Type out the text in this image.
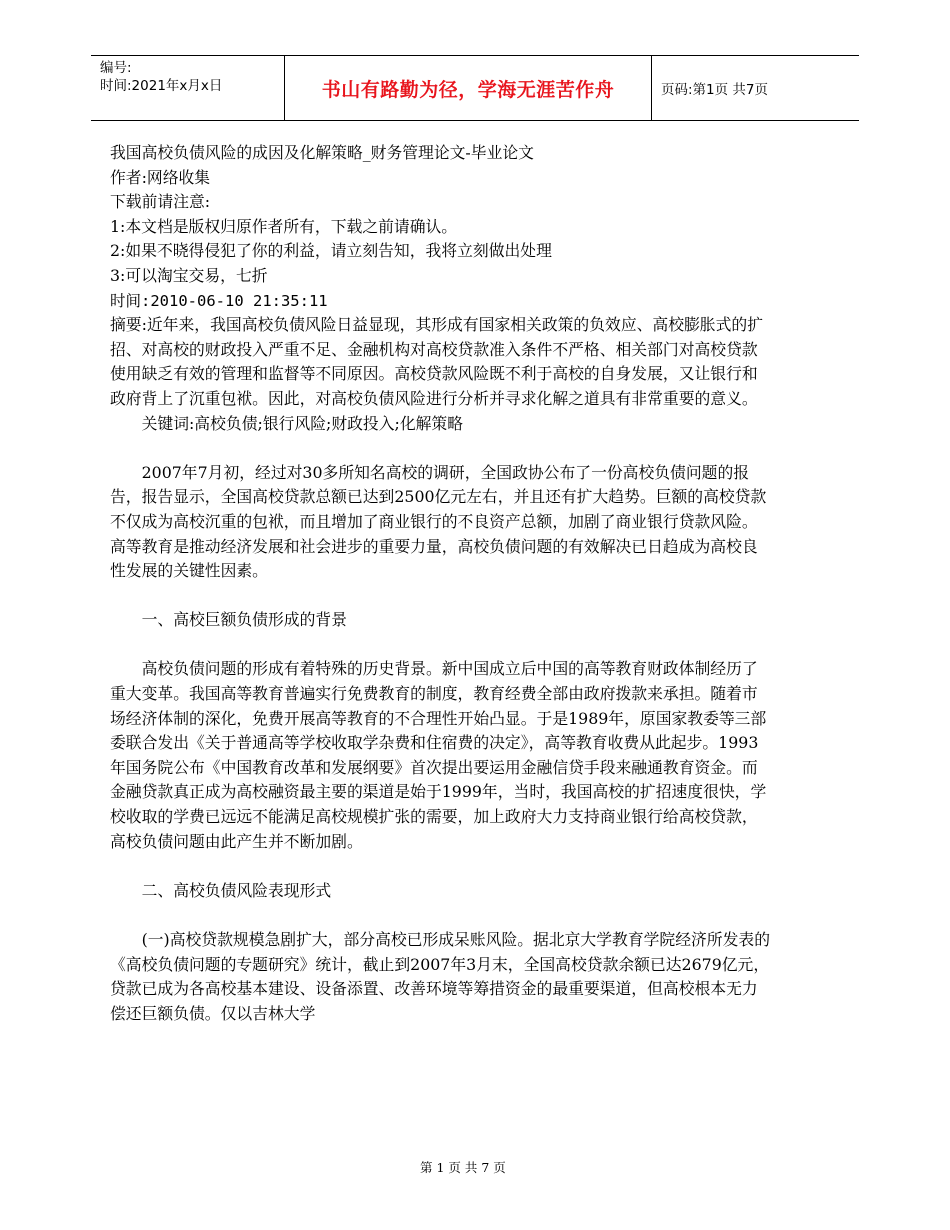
编号:
时间:2021年x月x日	书山有路勤为径，学海无涯苦作舟	页码:第1页 共7页

我国高校负债风险的成因及化解策略_财务管理论文-毕业论文

作者:网络收集

下载前请注意:

1:本文档是版权归原作者所有，下载之前请确认。

2:如果不晓得侵犯了你的利益，请立刻告知，我将立刻做出处理

3:可以淘宝交易，七折

时间:2010-06-10 21:35:11

摘要:近年来，我国高校负债风险日益显现，其形成有国家相关政策的负效应、高校膨胀式的扩招、对高校的财政投入严重不足、金融机构对高校贷款准入条件不严格、相关部门对高校贷款使用缺乏有效的管理和监督等不同原因。高校贷款风险既不利于高校的自身发展，又让银行和政府背上了沉重包袱。因此，对高校负债风险进行分析并寻求化解之道具有非常重要的意义。

关键词:高校负债;银行风险;财政投入;化解策略

2007年7月初，经过对30多所知名高校的调研，全国政协公布了一份高校负债问题的报告，报告显示，全国高校贷款总额已达到2500亿元左右，并且还有扩大趋势。巨额的高校贷款不仅成为高校沉重的包袱，而且增加了商业银行的不良资产总额，加剧了商业银行贷款风险。高等教育是推动经济发展和社会进步的重要力量，高校负债问题的有效解决已日趋成为高校良性发展的关键性因素。

一、高校巨额负债形成的背景

高校负债问题的形成有着特殊的历史背景。新中国成立后中国的高等教育财政体制经历了重大变革。我国高等教育普遍实行免费教育的制度，教育经费全部由政府拨款来承担。随着市场经济体制的深化，免费开展高等教育的不合理性开始凸显。于是1989年，原国家教委等三部委联合发出《关于普通高等学校收取学杂费和住宿费的决定》，高等教育收费从此起步。1993年国务院公布《中国教育改革和发展纲要》首次提出要运用金融信贷手段来融通教育资金。而金融贷款真正成为高校融资最主要的渠道是始于1999年，当时，我国高校的扩招速度很快，学校收取的学费已远远不能满足高校规模扩张的需要，加上政府大力支持商业银行给高校贷款，高校负债问题由此产生并不断加剧。

二、高校负债风险表现形式

(一)高校贷款规模急剧扩大，部分高校已形成呆账风险。据北京大学教育学院经济所发表的《高校负债问题的专题研究》统计，截止到2007年3月末，全国高校贷款余额已达2679亿元，贷款已成为各高校基本建设、设备添置、改善环境等筹措资金的最重要渠道，但高校根本无力偿还巨额负债。仅以吉林大学

第 1 页 共 7 页
